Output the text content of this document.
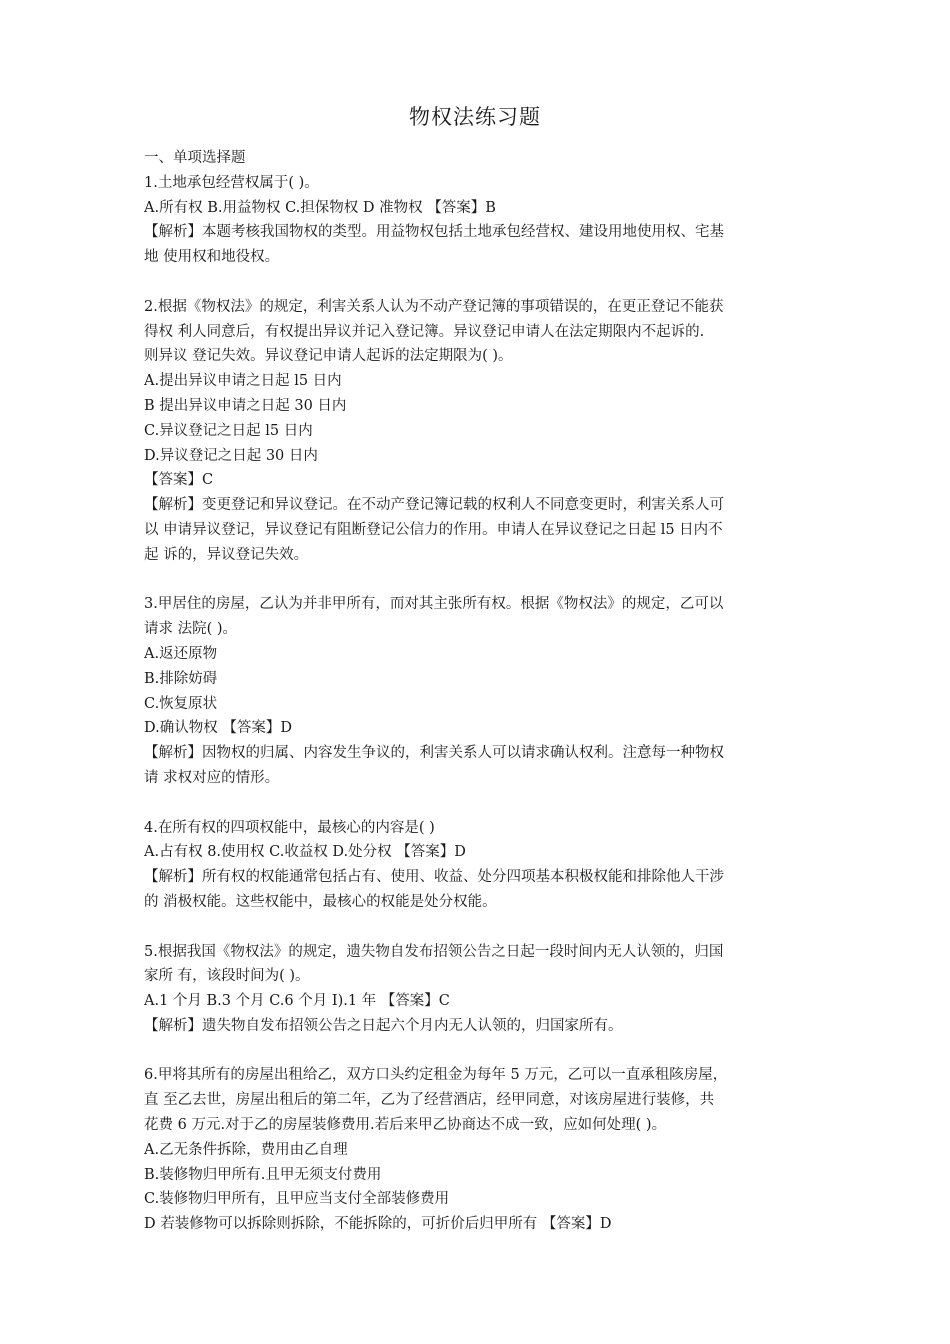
物权法练习题
一、单项选择题
1.土地承包经营权属于( )。
A.所有权 B.用益物权 C.担保物权 D 准物权 【答案】B
【解析】本题考核我国物权的类型。用益物权包括土地承包经营权、建设用地使用权、宅基
地 使用权和地役权。
2.根据《物权法》的规定，利害关系人认为不动产登记簿的事项错误的，在更正登记不能获
得权 利人同意后，有权提出异议并记入登记簿。异议登记申请人在法定期限内不起诉的.
则异议 登记失效。异议登记申请人起诉的法定期限为( )。
A.提出异议申请之日起 l5 日内
B 提出异议申请之日起 30 日内
C.异议登记之日起 l5 日内
D.异议登记之日起 30 日内
【答案】C
【解析】变更登记和异议登记。在不动产登记簿记载的权利人不同意变更时，利害关系人可
以 申请异议登记，异议登记有阻断登记公信力的作用。申请人在异议登记之日起 l5 日内不
起 诉的，异议登记失效。
3.甲居住的房屋，乙认为并非甲所有，而对其主张所有权。根据《物权法》的规定，乙可以
请求 法院( )。
A.返还原物
B.排除妨碍
C.恢复原状
D.确认物权 【答案】D
【解析】因物权的归属、内容发生争议的，利害关系人可以请求确认权利。注意每一种物权
请 求权对应的情形。
4.在所有权的四项权能中，最核心的内容是( )
A.占有权 8.使用权 C.收益权 D.处分权 【答案】D
【解析】所有权的权能通常包括占有、使用、收益、处分四项基本积极权能和排除他人干涉
的 消极权能。这些权能中，最核心的权能是处分权能。
5.根据我国《物权法》的规定，遗失物自发布招领公告之日起一段时间内无人认领的，归国
家所 有，该段时间为( )。
A.1 个月 B.3 个月 C.6 个月 I).1 年 【答案】C
【解析】遗失物自发布招领公告之日起六个月内无人认领的，归国家所有。
6.甲将其所有的房屋出租给乙，双方口头约定租金为每年 5 万元，乙可以一直承租陔房屋，
直 至乙去世，房屋出租后的第二年，乙为了经营酒店，经甲同意，对该房屋进行装修，共
花费 6 万元.对于乙的房屋装修费用.若后来甲乙协商达不成一致，应如何处理( )。
A.乙无条件拆除，费用由乙自理
B.装修物归甲所有.且甲无须支付费用
C.装修物归甲所有，且甲应当支付全部装修费用
D 若装修物可以拆除则拆除，不能拆除的，可折价后归甲所有 【答案】D
